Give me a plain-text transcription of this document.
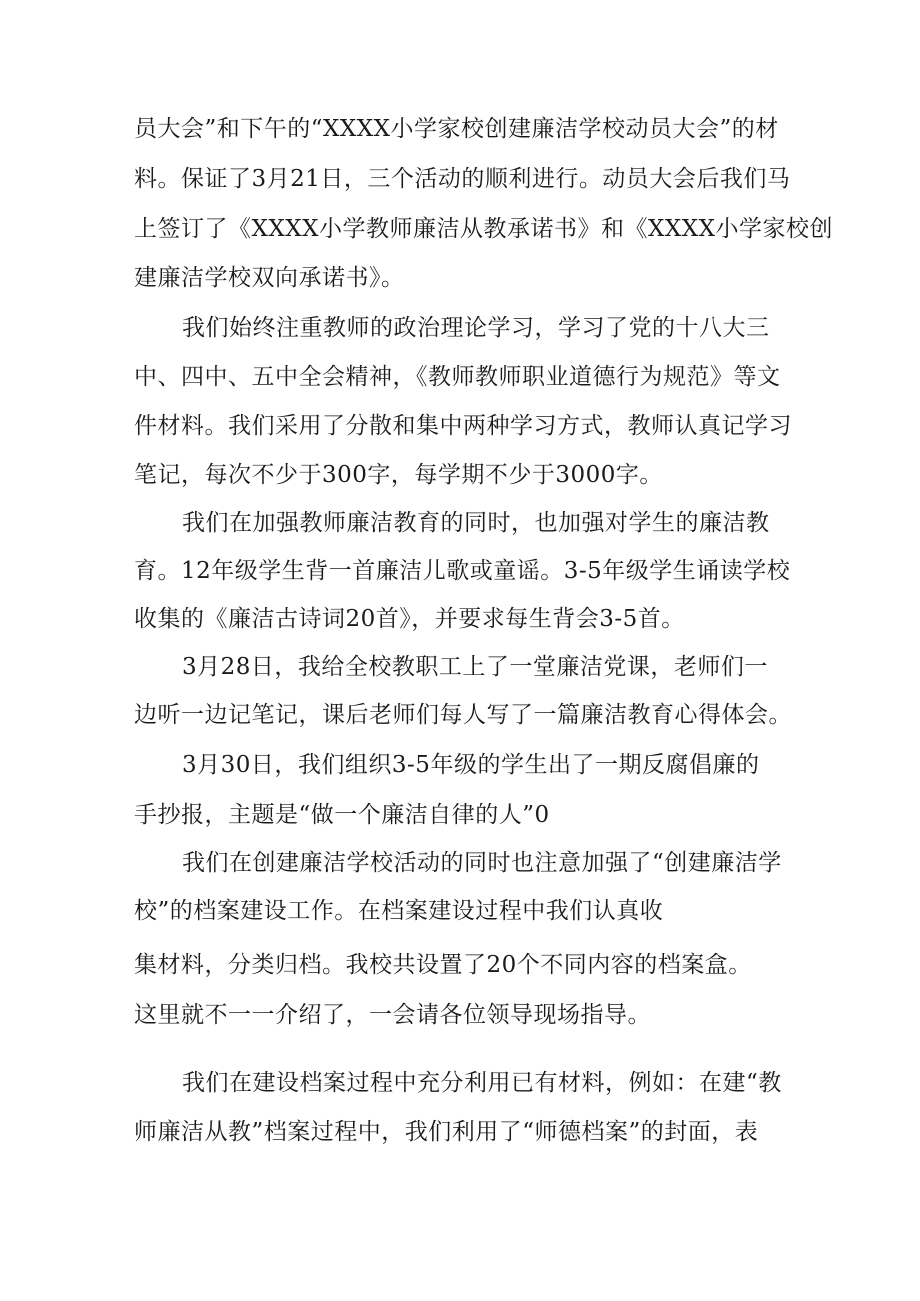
员大会”和下午的“XXXX小学家校创建廉洁学校动员大会”的材
料。保证了3月21日，三个活动的顺利进行。动员大会后我们马
上签订了《XXXX小学教师廉洁从教承诺书》和《XXXX小学家校创
建廉洁学校双向承诺书》。
我们始终注重教师的政治理论学习，学习了党的十八大三
中、四中、五中全会精神，《教师教师职业道德行为规范》等文
件材料。我们采用了分散和集中两种学习方式，教师认真记学习
笔记，每次不少于300字，每学期不少于3000字。
我们在加强教师廉洁教育的同时，也加强对学生的廉洁教
育。12年级学生背一首廉洁儿歌或童谣。3-5年级学生诵读学校
收集的《廉洁古诗词20首》，并要求每生背会3-5首。
3月28日，我给全校教职工上了一堂廉洁党课，老师们一
边听一边记笔记，课后老师们每人写了一篇廉洁教育心得体会。
3月30日，我们组织3-5年级的学生出了一期反腐倡廉的
手抄报，主题是“做一个廉洁自律的人”0
我们在创建廉洁学校活动的同时也注意加强了“创建廉洁学
校”的档案建设工作。在档案建设过程中我们认真收
集材料，分类归档。我校共设置了20个不同内容的档案盒。
这里就不一一介绍了，一会请各位领导现场指导。
我们在建设档案过程中充分利用已有材料，例如：在建“教
师廉洁从教”档案过程中，我们利用了“师德档案”的封面，表
